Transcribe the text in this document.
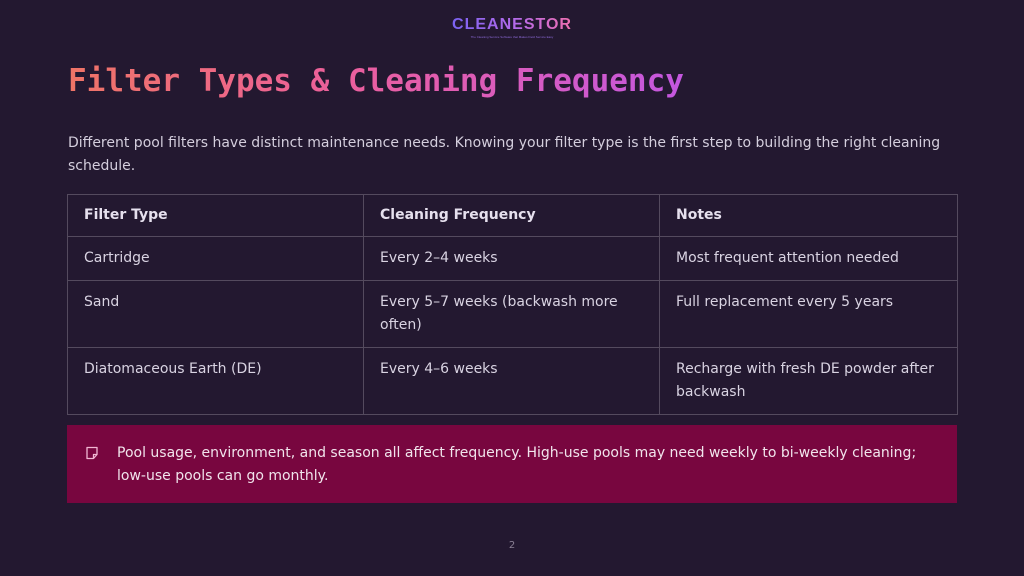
CLEANESTOR
The Cleaning Service Software that Makes Field Service Easy
Filter Types & Cleaning Frequency
Different pool filters have distinct maintenance needs. Knowing your filter type is the first step to building the right cleaning schedule.
Filter Type	Cleaning Frequency	Notes
Cartridge	Every 2–4 weeks	Most frequent attention needed
Sand	Every 5–7 weeks (backwash more often)	Full replacement every 5 years
Diatomaceous Earth (DE)	Every 4–6 weeks	Recharge with fresh DE powder after backwash
Pool usage, environment, and season all affect frequency. High-use pools may need weekly to bi-weekly cleaning; low-use pools can go monthly.
2
